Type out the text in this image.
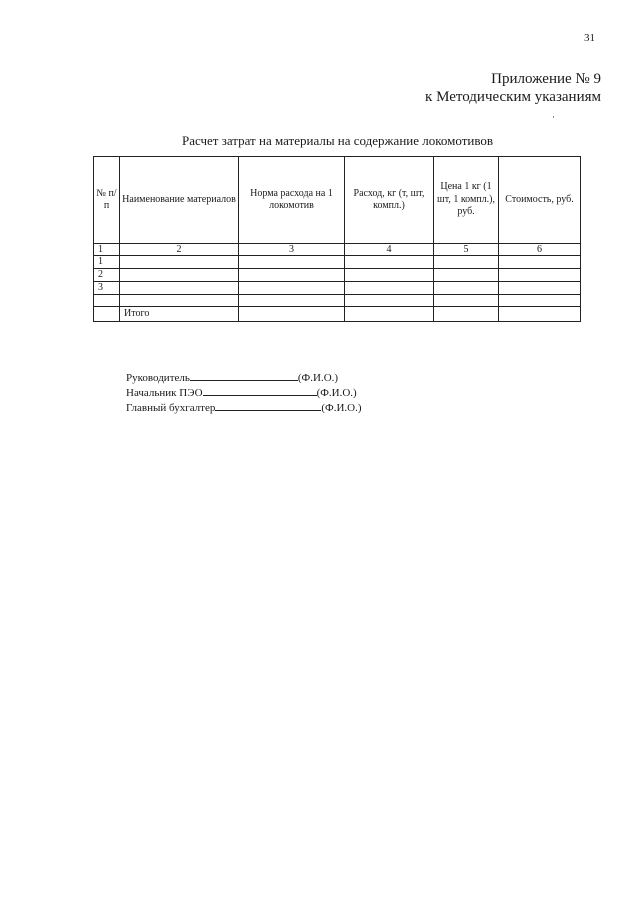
31
Приложение № 9
к Методическим указаниям
Расчет затрат на материалы на содержание локомотивов
№ п/п	Наименование материалов	Норма расхода на 1 локомотив	Расход, кг (т, шт, компл.)	Цена 1 кг (1 шт, 1 компл.), руб.	Стоимость, руб.
1	2	3	4	5	6
1					
2					
3					

	Итого				
Руководитель	(Ф.И.О.)
Начальник ПЭО	(Ф.И.О.)
Главный бухгалтер	(Ф.И.О.)
